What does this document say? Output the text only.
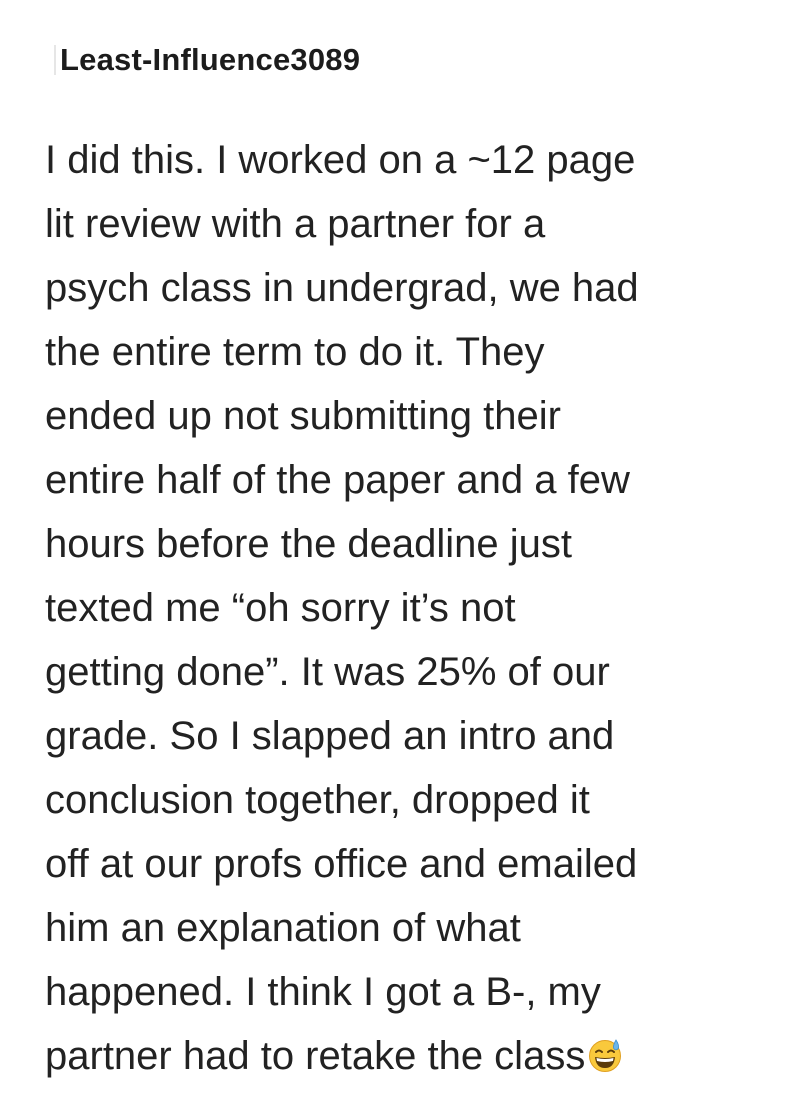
Least-Influence3089
I did this. I worked on a ~12 page
lit review with a partner for a
psych class in undergrad, we had
the entire term to do it. They
ended up not submitting their
entire half of the paper and a few
hours before the deadline just
texted me “oh sorry it’s not
getting done”. It was 25% of our
grade. So I slapped an intro and
conclusion together, dropped it
off at our profs office and emailed
him an explanation of what
happened. I think I got a B-, my
partner had to retake the class
